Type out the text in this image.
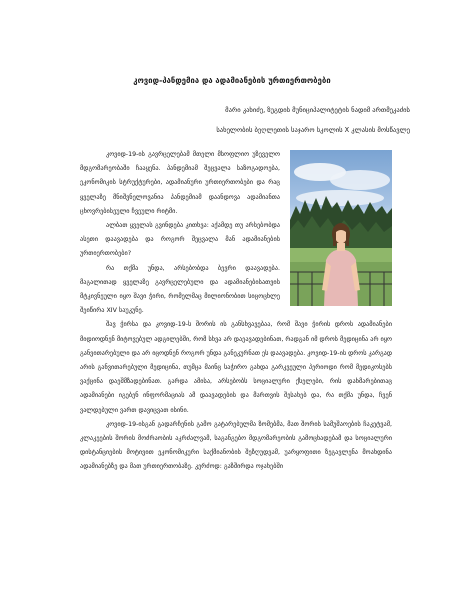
კოვიდ-პანდემია და ადამიანების ურთიერთობები
მარი კახიძე, ზუგდის მუნიციპალიტეტის ნადიმ ართმეკაძის
სახელობის ბეღლეთის საჯარო სკოლის X კლასის მოსწავლე

კოვიდ-19-ის გავრცელებამ მთელი მსოფლიო უზეველო მდგომარეობაში ჩააყენა. პანდემიამ შეცვალა საზოგადოება, ეკონომიკის სტრუქტურები, ადამიანური ურთიერთობები და რაც ყველაზე მნიშვნელოვანია პანდემიამ დაანდოვა ადამიანთა ცხოვრებისეული ჩვეული რიტმი.

ალბათ ყველას გვინდება კითხვა: აქამდე თუ არსებობდა ასეთი დაავადება და როგორ შეცვალა მან ადამიანების ურთიერთობები?

რა თქმა უნდა, არსებობდა ბევრი დაავადება. მაგალითად ყველაზე გავრცელებული და ადამიანებისათვის მტკივნეული იყო შავი ჭირი, რომელმაც მილიონობით სიცოცხლე შეიწირა XIV საუკუნე.

შავ ჭირსა და კოვიდ-19-ს შორის ის განსხვავებაა, რომ შავი ჭირის დროს ადამიანები მიდიოდნენ მიტოვებულ ადგილებში, რომ სხვა არ დაეავადებინათ, რადგან იმ დროს მედიცინა არ იყო განვითარებული და არ იცოდნენ როგორ უნდა განეკურნათ ეს დაავადება. კოვიდ-19-ის დროს კარგად არის განვითარებული მედიცინა, თუმცა მაინც საჭირო გახდა გარკვეული პერიოდი რომ მედიკოსებს ვაქცინა დაეშმზადებინათ. გარდა ამისა, არსებობს სოციალური ქსელები, რის დახმარებითაც ადამიანები იგებენ ინფორმაციას ამ დაავადების და მართვის შესახებ და, რა თქმა უნდა, ჩვენ ვალდებული ვართ დავიცვათ ისინი.

კოვიდ-19-ისგან გადარჩენის გამო გატარებულმა ზომებმა, მათ შორის სამუშაოების ჩაკეტვამ, კლაკეების შორის მოძრაობის აკრძალვამ, საგანგებო მდგომარეობის გამოცხადებამ და სოციალური დისტანციების მოტივით ეკონომიკური საქმიანობის შეზღუდვამ, უარყოფითი ზეგავლენა მოახდინა ადამიანებზე და მათ ურთიერთობაზე. კერძოდ: გაზშირდა ოჯახებში
